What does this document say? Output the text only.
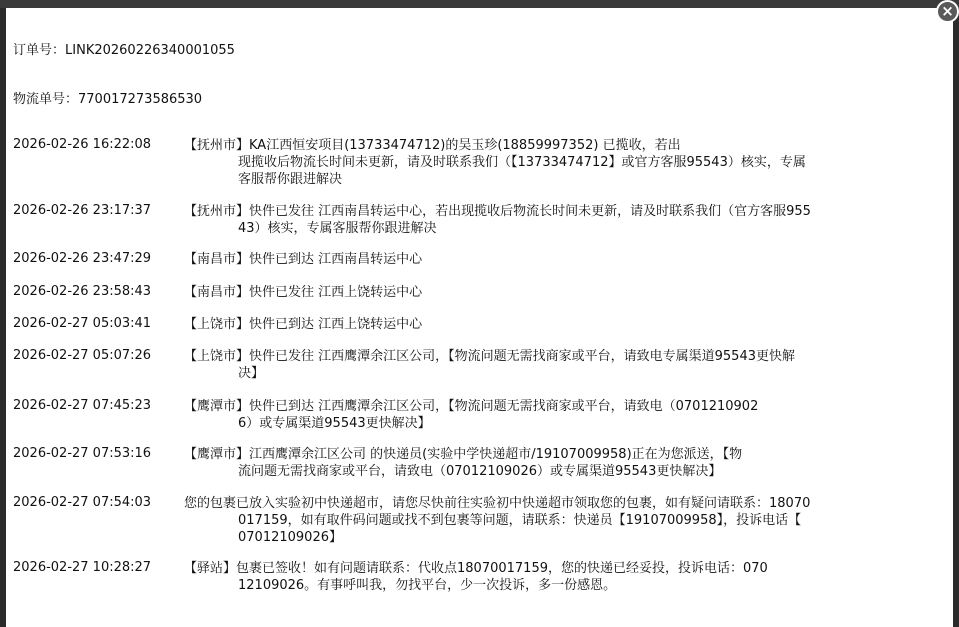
订单号：LINK20260226340001055
物流单号：770017273586530
2026-02-26 16:22:08	【抚州市】KA江西恒安项目(13733474712)的吴玉珍(18859997352) 已揽收，若出
现揽收后物流长时间未更新，请及时联系我们（【13733474712】或官方客服95543）核实，专属
客服帮你跟进解决
2026-02-26 23:17:37	【抚州市】快件已发往 江西南昌转运中心，若出现揽收后物流长时间未更新，请及时联系我们（官方客服955
43）核实，专属客服帮你跟进解决
2026-02-26 23:47:29	【南昌市】快件已到达 江西南昌转运中心
2026-02-26 23:58:43	【南昌市】快件已发往 江西上饶转运中心
2026-02-27 05:03:41	【上饶市】快件已到达 江西上饶转运中心
2026-02-27 05:07:26	【上饶市】快件已发往 江西鹰潭余江区公司，【物流问题无需找商家或平台，请致电专属渠道95543更快解
决】
2026-02-27 07:45:23	【鹰潭市】快件已到达 江西鹰潭余江区公司，【物流问题无需找商家或平台，请致电（0701210902
6）或专属渠道95543更快解决】
2026-02-27 07:53:16	【鹰潭市】江西鹰潭余江区公司 的快递员(实验中学快递超市/19107009958)正在为您派送，【物
流问题无需找商家或平台，请致电（07012109026）或专属渠道95543更快解决】
2026-02-27 07:54:03	您的包裹已放入实验初中快递超市，请您尽快前往实验初中快递超市领取您的包裹，如有疑问请联系：18070
017159，如有取件码问题或找不到包裹等问题，请联系：快递员【19107009958】，投诉电话【
07012109026】
2026-02-27 10:28:27	【驿站】包裹已签收！如有问题请联系：代收点18070017159，您的快递已经妥投，投诉电话：070
12109026。有事呼叫我，勿找平台，少一次投诉，多一份感恩。
×
